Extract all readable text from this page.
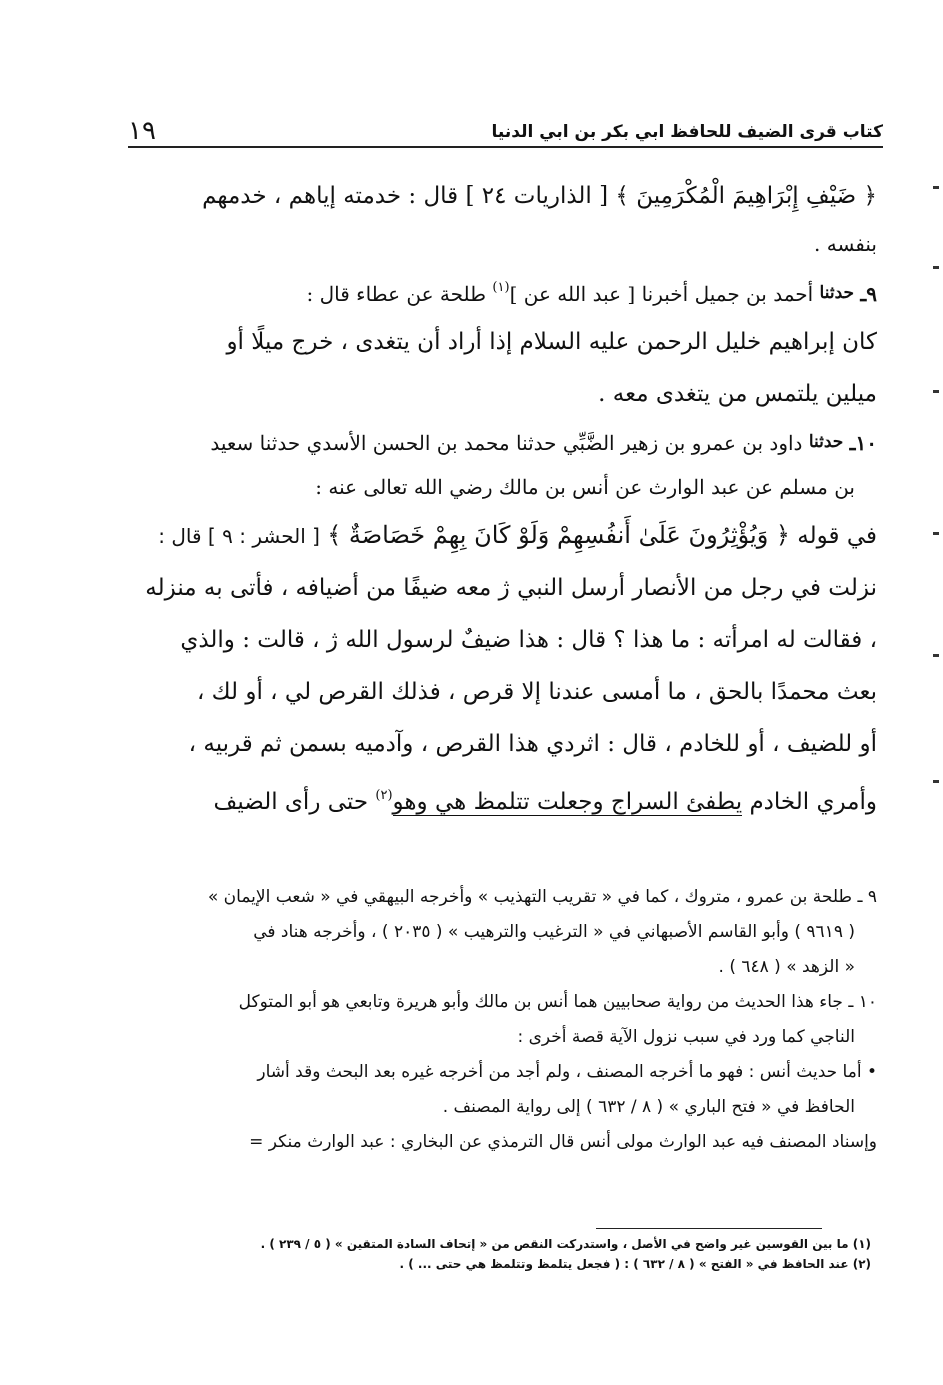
كتاب قرى الضيف للحافظ ابي بكر بن ابي الدنيا
١٩
﴿ ضَيْفِ إِبْرَاهِيمَ الْمُكْرَمِينَ ﴾ [ الذاريات ٢٤ ] قال : خدمته إياهم ، خدمهم
بنفسه .
٩ـ حدثنا أحمد بن جميل أخبرنا [ عبد الله عن ]$^{(١)}$ طلحة عن عطاء قال :
كان إبراهيم خليل الرحمن عليه السلام إذا أراد أن يتغدى ، خرج ميلًا أو
ميلين يلتمس من يتغدى معه .
١٠ـ حدثنا داود بن عمرو بن زهير الضَّبِّي حدثنا محمد بن الحسن الأسدي حدثنا سعيد
بن مسلم عن عبد الوارث عن أنس بن مالك رضي الله تعالى عنه :
في قوله ﴿ وَيُؤْثِرُونَ عَلَىٰ أَنفُسِهِمْ وَلَوْ كَانَ بِهِمْ خَصَاصَةٌ ﴾ [ الحشر : ٩ ] قال :
نزلت في رجل من الأنصار أرسل النبي ژ معه ضيفًا من أضيافه ، فأتى به منزله
، فقالت له امرأته : ما هذا ؟ قال : هذا ضيفٌ لرسول الله ژ ، قالت : والذي
بعث محمدًا بالحق ، ما أمسى عندنا إلا قرص ، فذلك القرص لي ، أو لك ،
أو للضيف ، أو للخادم ، قال : اثردي هذا القرص ، وآدميه بسمن ثم قربيه ،
وأمري الخادم يطفئ السراج وجعلت تتلمظ هي وهو$^{(٢)}$ حتى رأى الضيف
٩ ـ طلحة بن عمرو ، متروك ، كما في « تقريب التهذيب » وأخرجه البيهقي في « شعب الإيمان »
( ٩٦١٩ ) وأبو القاسم الأصبهاني في « الترغيب والترهيب » ( ٢٠٣٥ ) ، وأخرجه هناد في
« الزهد » ( ٦٤٨ ) .
١٠ ـ جاء هذا الحديث من رواية صحابيين هما أنس بن مالك وأبو هريرة وتابعي هو أبو المتوكل
الناجي كما ورد في سبب نزول الآية قصة أخرى :
• أما حديث أنس : فهو ما أخرجه المصنف ، ولم أجد من أخرجه غيره بعد البحث وقد أشار
الحافظ في « فتح الباري » ( ٨ / ٦٣٢ ) إلى رواية المصنف .
وإسناد المصنف فيه عبد الوارث مولى أنس قال الترمذي عن البخاري : عبد الوارث منكر =
(١) ما بين القوسين غير واضح في الأصل ، واستدركت النقص من « إتحاف السادة المتقين » ( ٥ / ٢٣٩ ) .
(٢) عند الحافظ في « الفتح » ( ٨ / ٦٣٢ ) : ( فجعل يتلمظ وتتلمظ هي حتى ... ) .
